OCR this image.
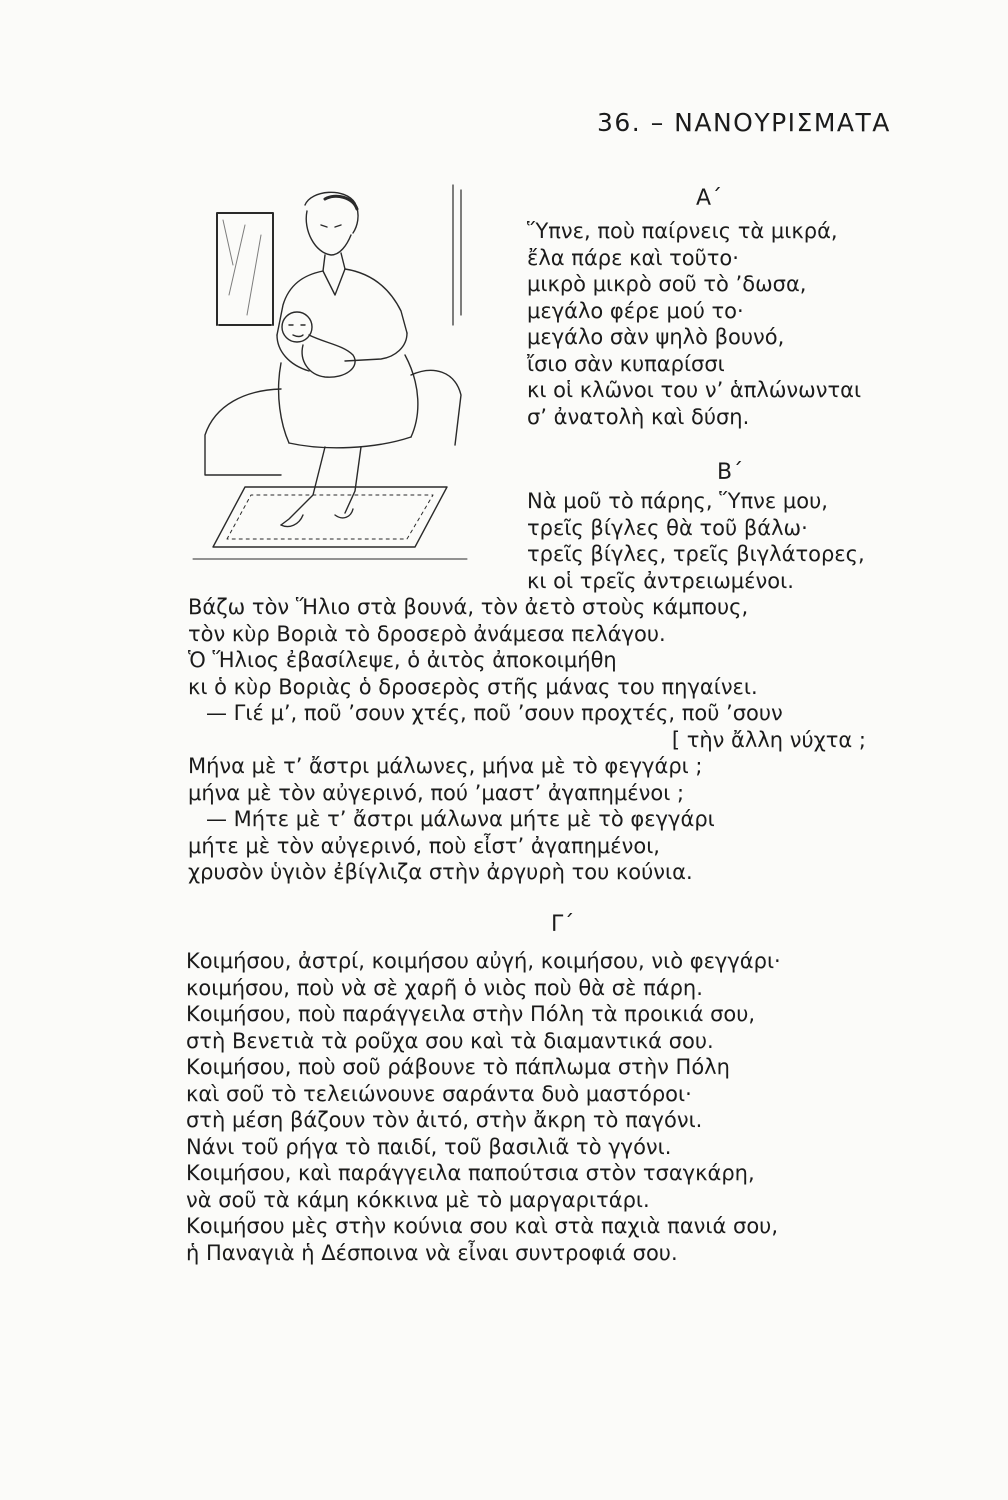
36. – ΝΑΝΟΥΡΙΣΜΑΤΑ
Α΄
Ὕπνε, ποὺ παίρνεις τὰ μικρά,
ἔλα πάρε καὶ τοῦτο·
μικρὸ μικρὸ σοῦ τὸ ’δωσα,
μεγάλο φέρε μού το·
μεγάλο σὰν ψηλὸ βουνό,
ἴσιο σὰν κυπαρίσσι
κι οἱ κλῶνοι του ν’ ἁπλώνωνται
σ’ ἀνατολὴ καὶ δύση.
Β΄
Νὰ μοῦ τὸ πάρης, Ὕπνε μου,
τρεῖς βίγλες θὰ τοῦ βάλω·
τρεῖς βίγλες, τρεῖς βιγλάτορες,
κι οἱ τρεῖς ἀντρειωμένοι.
Βάζω τὸν Ἥλιο στὰ βουνά, τὸν ἀετὸ στοὺς κάμπους,
τὸν κὺρ Βοριὰ τὸ δροσερὸ ἀνάμεσα πελάγου.
Ὁ Ἥλιος ἐβασίλεψε, ὁ ἀιτὸς ἀποκοιμήθη
κι ὁ κὺρ Βοριὰς ὁ δροσερὸς στῆς μάνας του πηγαίνει.
— Γιέ μ’, ποῦ ’σουν χτές, ποῦ ’σουν προχτές, ποῦ ’σουν
[ τὴν ἄλλη νύχτα ;
Μήνα μὲ τ’ ἄστρι μάλωνες, μήνα μὲ τὸ φεγγάρι ;
μήνα μὲ τὸν αὐγερινό, πού ’μαστ’ ἀγαπημένοι ;
— Μήτε μὲ τ’ ἄστρι μάλωνα μήτε μὲ τὸ φεγγάρι
μήτε μὲ τὸν αὐγερινό, ποὺ εἶστ’ ἀγαπημένοι,
χρυσὸν ὑγιὸν ἐβίγλιζα στὴν ἀργυρὴ του κούνια.
Γ΄
Κοιμήσου, ἀστρί, κοιμήσου αὐγή, κοιμήσου, νιὸ φεγγάρι·
κοιμήσου, ποὺ νὰ σὲ χαρῆ ὁ νιὸς ποὺ θὰ σὲ πάρη.
Κοιμήσου, ποὺ παράγγειλα στὴν Πόλη τὰ προικιά σου,
στὴ Βενετιὰ τὰ ροῦχα σου καὶ τὰ διαμαντικά σου.
Κοιμήσου, ποὺ σοῦ ράβουνε τὸ πάπλωμα στὴν Πόλη
καὶ σοῦ τὸ τελειώνουνε σαράντα δυὸ μαστόροι·
στὴ μέση βάζουν τὸν ἀιτό, στὴν ἄκρη τὸ παγόνι.
Νάνι τοῦ ρήγα τὸ παιδί, τοῦ βασιλιᾶ τὸ γγόνι.
Κοιμήσου, καὶ παράγγειλα παπούτσια στὸν τσαγκάρη,
νὰ σοῦ τὰ κάμη κόκκινα μὲ τὸ μαργαριτάρι.
Κοιμήσου μὲς στὴν κούνια σου καὶ στὰ παχιὰ πανιά σου,
ἡ Παναγιὰ ἡ Δέσποινα νὰ εἶναι συντροφιά σου.
